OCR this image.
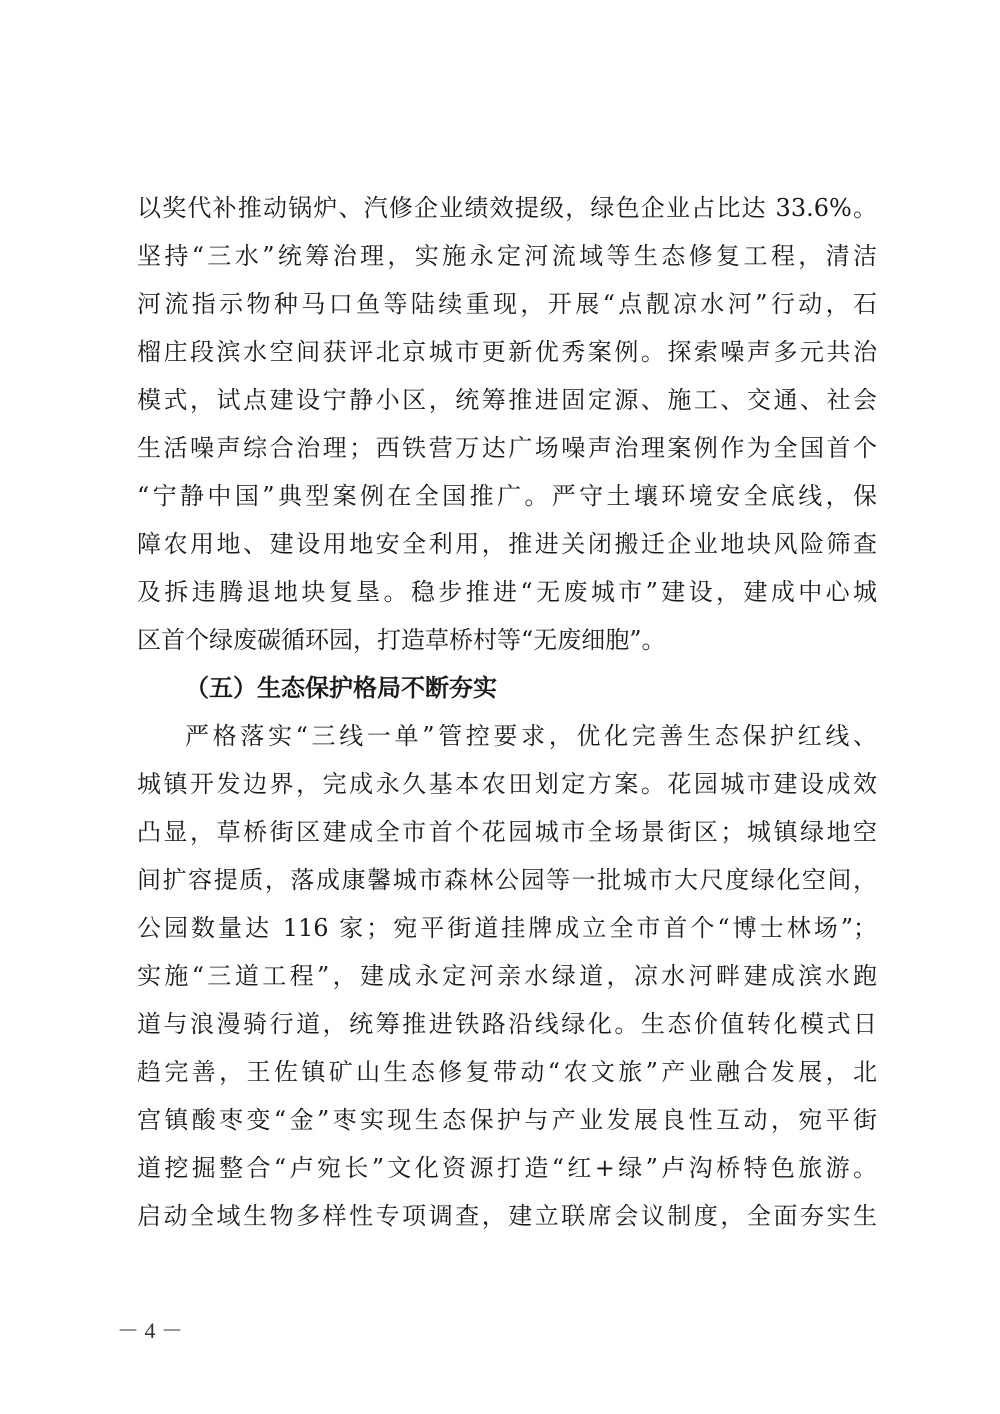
以奖代补推动锅炉、汽修企业绩效提级，绿色企业占比达 33.6%。
坚持“三水”统筹治理，实施永定河流域等生态修复工程，清洁
河流指示物种马口鱼等陆续重现，开展“点靓凉水河”行动，石
榴庄段滨水空间获评北京城市更新优秀案例。探索噪声多元共治
模式，试点建设宁静小区，统筹推进固定源、施工、交通、社会
生活噪声综合治理；西铁营万达广场噪声治理案例作为全国首个
“宁静中国”典型案例在全国推广。严守土壤环境安全底线，保
障农用地、建设用地安全利用，推进关闭搬迁企业地块风险筛查
及拆违腾退地块复垦。稳步推进“无废城市”建设，建成中心城
区首个绿废碳循环园，打造草桥村等“无废细胞”。
（五）生态保护格局不断夯实
严格落实“三线一单”管控要求，优化完善生态保护红线、
城镇开发边界，完成永久基本农田划定方案。花园城市建设成效
凸显，草桥街区建成全市首个花园城市全场景街区；城镇绿地空
间扩容提质，落成康馨城市森林公园等一批城市大尺度绿化空间，
公园数量达 116 家；宛平街道挂牌成立全市首个“博士林场”；
实施“三道工程”，建成永定河亲水绿道，凉水河畔建成滨水跑
道与浪漫骑行道，统筹推进铁路沿线绿化。生态价值转化模式日
趋完善，王佐镇矿山生态修复带动“农文旅”产业融合发展，北
宫镇酸枣变“金”枣实现生态保护与产业发展良性互动，宛平街
道挖掘整合“卢宛长”文化资源打造“红+绿”卢沟桥特色旅游。
启动全域生物多样性专项调查，建立联席会议制度，全面夯实生
－ 4 －
